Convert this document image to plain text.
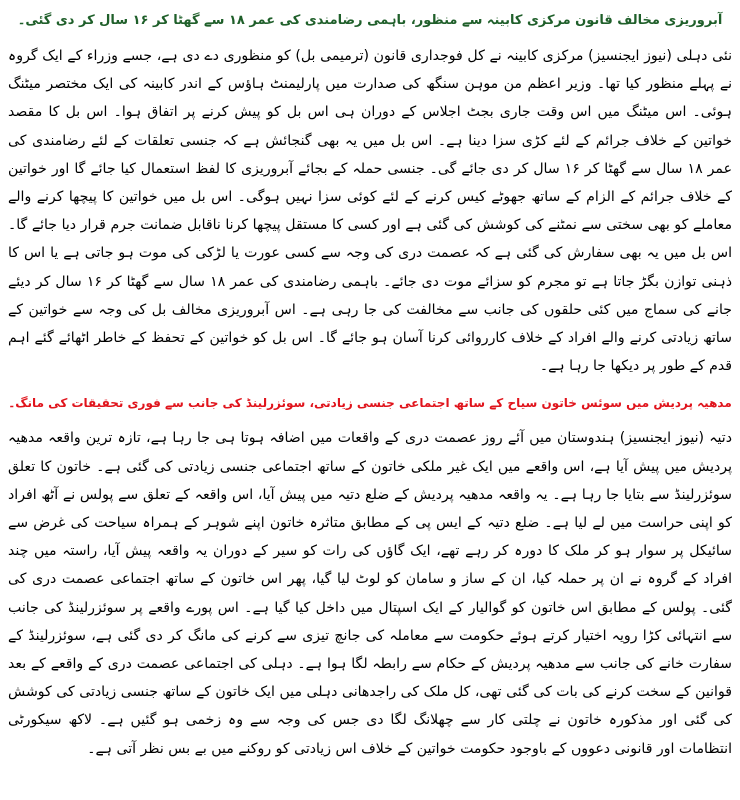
آبروریزی مخالف قانون مرکزی کابینہ سے منظور، باہمی رضامندی کی عمر ۱۸ سے گھٹا کر ۱۶ سال کر دی گئی۔

نئی دہلی (نیوز ایجنسیز) مرکزی کابینہ نے کل فوجداری قانون (ترمیمی بل) کو منظوری دے دی ہے، جسے وزراء کے ایک گروہ نے پہلے منظور کیا تھا۔ وزیر اعظم من موہن سنگھ کی صدارت میں پارلیمنٹ ہاؤس کے اندر کابینہ کی ایک مختصر میٹنگ ہوئی۔ اس میٹنگ میں اس وقت جاری بجٹ اجلاس کے دوران ہی اس بل کو پیش کرنے پر اتفاق ہوا۔ اس بل کا مقصد خواتین کے خلاف جرائم کے لئے کڑی سزا دینا ہے۔ اس بل میں یہ بھی گنجائش ہے کہ جنسی تعلقات کے لئے رضامندی کی عمر ۱۸ سال سے گھٹا کر ۱۶ سال کر دی جائے گی۔ جنسی حملہ کے بجائے آبروریزی کا لفظ استعمال کیا جائے گا اور خواتین کے خلاف جرائم کے الزام کے ساتھ جھوٹے کیس کرنے کے لئے کوئی سزا نہیں ہوگی۔ اس بل میں خواتین کا پیچھا کرنے والے معاملے کو بھی سختی سے نمٹنے کی کوشش کی گئی ہے اور کسی کا مستقل پیچھا کرنا ناقابل ضمانت جرم قرار دیا جائے گا۔ اس بل میں یہ بھی سفارش کی گئی ہے کہ عصمت دری کی وجہ سے کسی عورت یا لڑکی کی موت ہو جاتی ہے یا اس کا ذہنی توازن بگڑ جاتا ہے تو مجرم کو سزائے موت دی جائے۔ باہمی رضامندی کی عمر ۱۸ سال سے گھٹا کر ۱۶ سال کر دیئے جانے کی سماج میں کئی حلقوں کی جانب سے مخالفت کی جا رہی ہے۔ اس آبروریزی مخالف بل کی وجہ سے خواتین کے ساتھ زیادتی کرنے والے افراد کے خلاف کارروائی کرنا آسان ہو جائے گا۔ اس بل کو خواتین کے تحفظ کے خاطر اٹھائے گئے اہم قدم کے طور پر دیکھا جا رہا ہے۔

مدھیہ پردیش میں سوئس خاتون سیاح کے ساتھ اجتماعی جنسی زیادتی، سوئزرلینڈ کی جانب سے فوری تحقیقات کی مانگ۔

دتیہ (نیوز ایجنسیز) ہندوستان میں آئے روز عصمت دری کے واقعات میں اضافہ ہوتا ہی جا رہا ہے، تازہ ترین واقعہ مدھیہ پردیش میں پیش آیا ہے، اس واقعے میں ایک غیر ملکی خاتون کے ساتھ اجتماعی جنسی زیادتی کی گئی ہے۔ خاتون کا تعلق سوئزرلینڈ سے بتایا جا رہا ہے۔ یہ واقعہ مدھیہ پردیش کے ضلع دتیہ میں پیش آیا، اس واقعہ کے تعلق سے پولس نے آٹھ افراد کو اپنی حراست میں لے لیا ہے۔ ضلع دتیہ کے ایس پی کے مطابق متاثرہ خاتون اپنے شوہر کے ہمراہ سیاحت کی غرض سے سائیکل پر سوار ہو کر ملک کا دورہ کر رہے تھے، ایک گاؤں کی رات کو سیر کے دوران یہ واقعہ پیش آیا، راستہ میں چند افراد کے گروہ نے ان پر حملہ کیا، ان کے ساز و سامان کو لوٹ لیا گیا، پھر اس خاتون کے ساتھ اجتماعی عصمت دری کی گئی۔ پولس کے مطابق اس خاتون کو گوالیار کے ایک اسپتال میں داخل کیا گیا ہے۔ اس پورے واقعے پر سوئزرلینڈ کی جانب سے انتہائی کڑا رویہ اختیار کرتے ہوئے حکومت سے معاملہ کی جانچ تیزی سے کرنے کی مانگ کر دی گئی ہے، سوئزرلینڈ کے سفارت خانے کی جانب سے مدھیہ پردیش کے حکام سے رابطہ لگا ہوا ہے۔ دہلی کی اجتماعی عصمت دری کے واقعے کے بعد قوانین کے سخت کرنے کی بات کی گئی تھی، کل ملک کی راجدھانی دہلی میں ایک خاتون کے ساتھ جنسی زیادتی کی کوشش کی گئی اور مذکورہ خاتون نے چلتی کار سے چھلانگ لگا دی جس کی وجہ سے وہ زخمی ہو گئیں ہے۔ لاکھ سیکورٹی انتظامات اور قانونی دعووں کے باوجود حکومت خواتین کے خلاف اس زیادتی کو روکنے میں بے بس نظر آتی ہے۔
